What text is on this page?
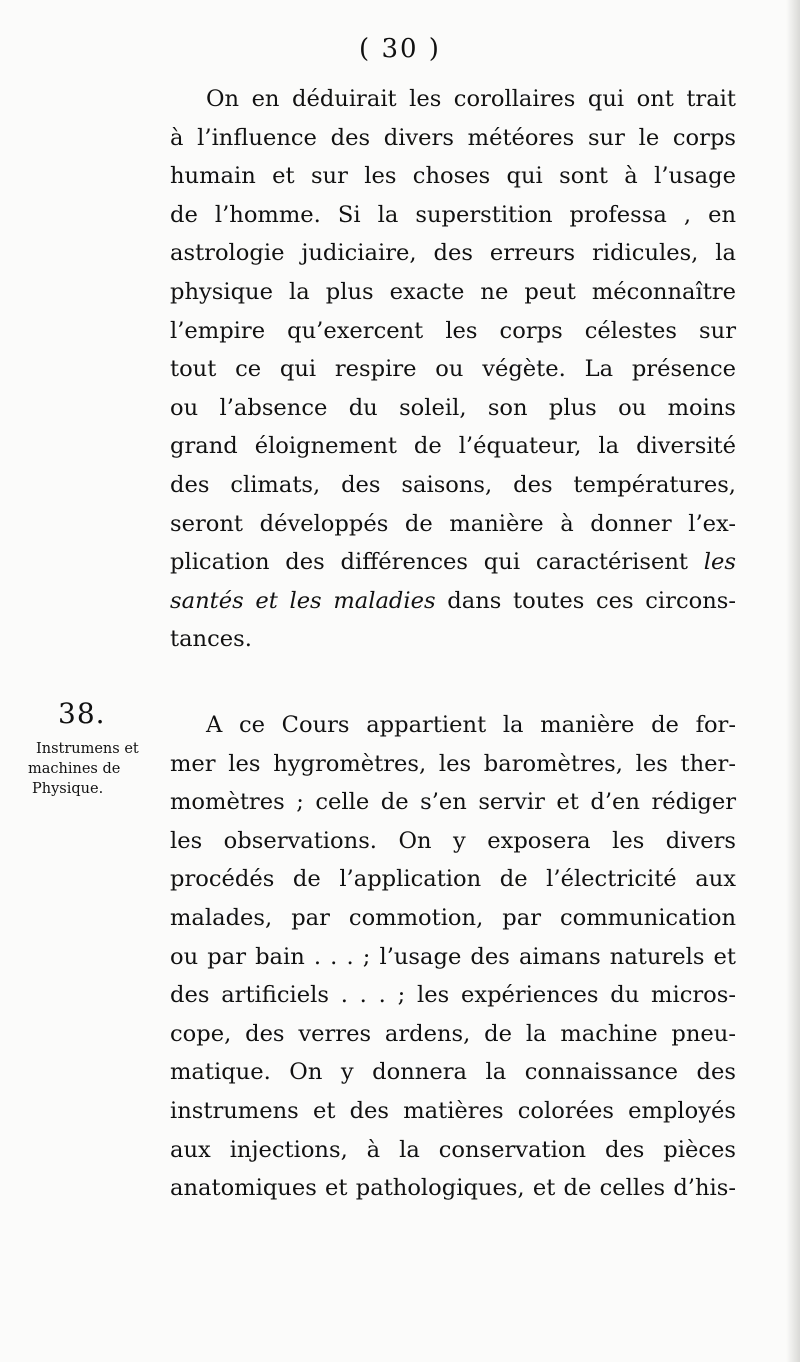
( 30 )
On en déduirait les corollaires qui ont trait
à l’influence des divers météores sur le corps
humain et sur les choses qui sont à l’usage
de l’homme. Si la superstition professa , en
astrologie judiciaire, des erreurs ridicules, la
physique la plus exacte ne peut méconnaître
l’empire qu’exercent les corps célestes sur
tout ce qui respire ou végète. La présence
ou l’absence du soleil, son plus ou moins
grand éloignement de l’équateur, la diversité
des climats, des saisons, des températures,
seront développés de manière à donner l’ex-
plication des différences qui caractérisent les
santés et les maladies dans toutes ces circons-
tances.
38.
Instrumens et
machines de
Physique.
A ce Cours appartient la manière de for-
mer les hygromètres, les baromètres, les ther-
momètres ; celle de s’en servir et d’en rédiger
les observations. On y exposera les divers
procédés de l’application de l’électricité aux
malades, par commotion, par communication
ou par bain . . . ; l’usage des aimans naturels et
des artificiels . . . ; les expériences du micros-
cope, des verres ardens, de la machine pneu-
matique. On y donnera la connaissance des
instrumens et des matières colorées employés
aux injections, à la conservation des pièces
anatomiques et pathologiques, et de celles d’his-
